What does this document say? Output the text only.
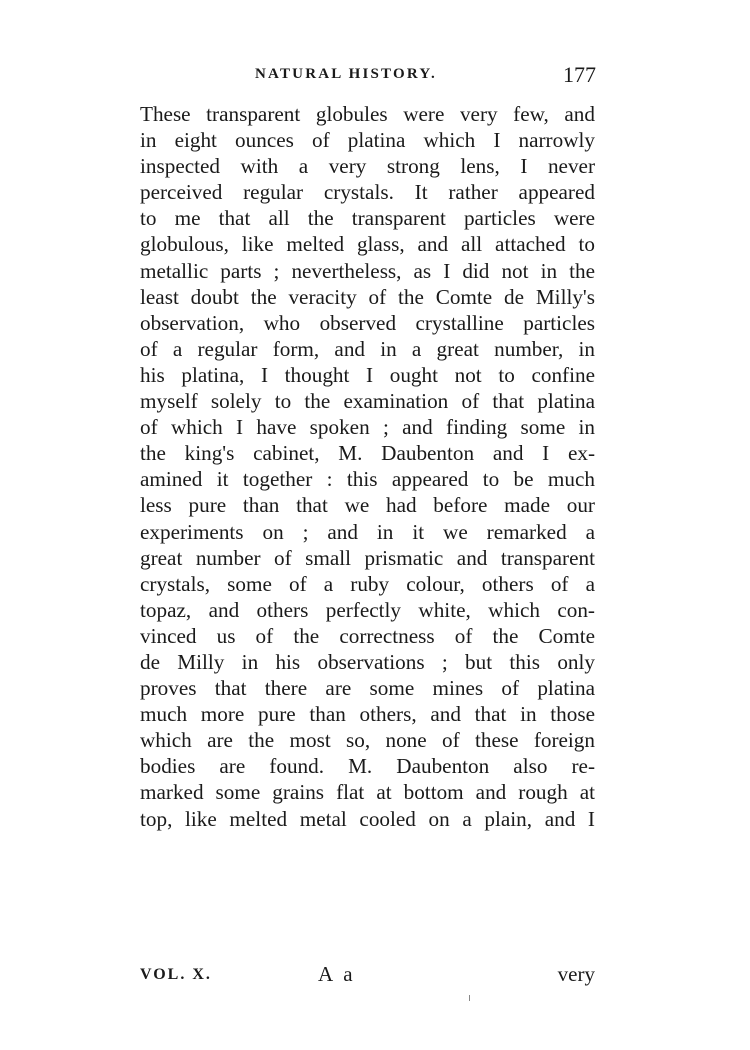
NATURAL HISTORY.	177
These transparent globules were very few, and
in eight ounces of platina which I narrowly
inspected with a very strong lens, I never
perceived regular crystals. It rather appeared
to me that all the transparent particles were
globulous, like melted glass, and all attached to
metallic parts ; nevertheless, as I did not in the
least doubt the veracity of the Comte de Milly's
observation, who observed crystalline particles
of a regular form, and in a great number, in
his platina, I thought I ought not to confine
myself solely to the examination of that platina
of which I have spoken ; and finding some in
the king's cabinet, M. Daubenton and I ex-
amined it together : this appeared to be much
less pure than that we had before made our
experiments on ; and in it we remarked a
great number of small prismatic and transparent
crystals, some of a ruby colour, others of a
topaz, and others perfectly white, which con-
vinced us of the correctness of the Comte
de Milly in his observations ; but this only
proves that there are some mines of platina
much more pure than others, and that in those
which are the most so, none of these foreign
bodies are found. M. Daubenton also re-
marked some grains flat at bottom and rough at
top, like melted metal cooled on a plain, and I
VOL. X.	A a	very
